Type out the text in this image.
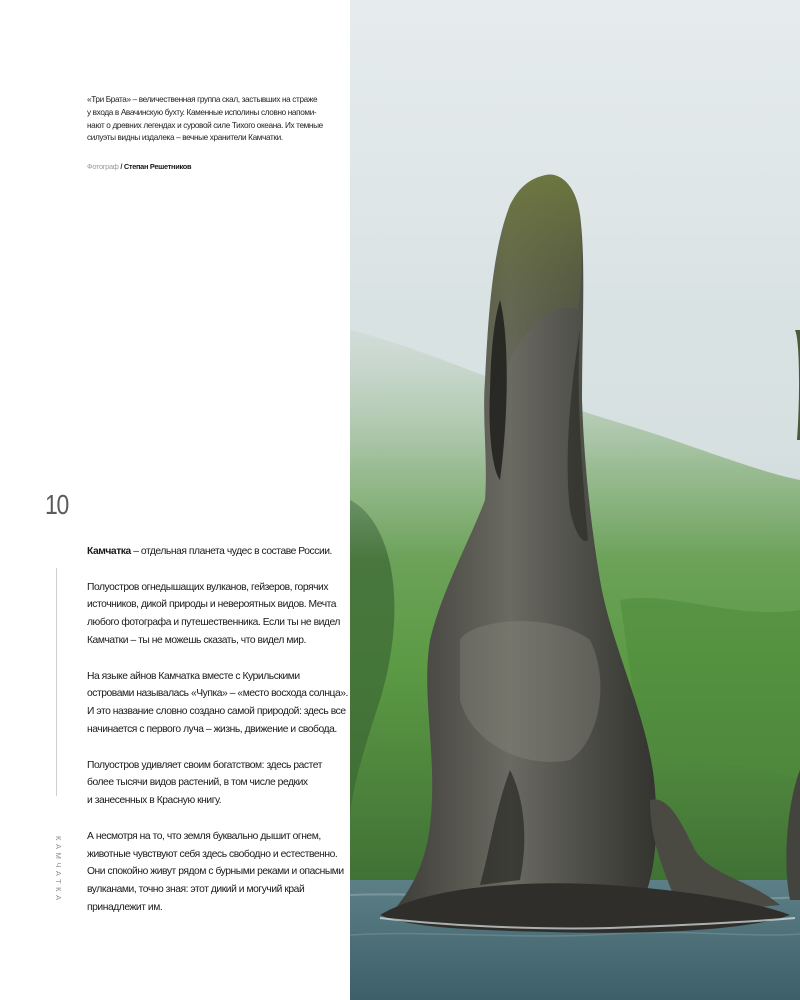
«Три Брата» – величественная группа скал, застывших на страже
у входа в Авачинскую бухту. Каменные исполины словно напоми-
нают о древних легендах и суровой силе Тихого океана. Их темные
силуэты видны издалека – вечные хранители Камчатки.
Фотограф / Степан Решетников
10
КАМЧАТКА

Камчатка – отдельная планета чудес в составе России.

Полуостров огнедышащих вулканов, гейзеров, горячих
источников, дикой природы и невероятных видов. Мечта
любого фотографа и путешественника. Если ты не видел
Камчатки – ты не можешь сказать, что видел мир.

На языке айнов Камчатка вместе с Курильскими
островами называлась «Чупка» – «место восхода солнца».
И это название словно создано самой природой: здесь все
начинается с первого луча – жизнь, движение и свобода.

Полуостров удивляет своим богатством: здесь растет
более тысячи видов растений, в том числе редких
и занесенных в Красную книгу.

А несмотря на то, что земля буквально дышит огнем,
животные чувствуют себя здесь свободно и естественно.
Они спокойно живут рядом с бурными реками и опасными
вулканами, точно зная: этот дикий и могучий край
принадлежит им.
